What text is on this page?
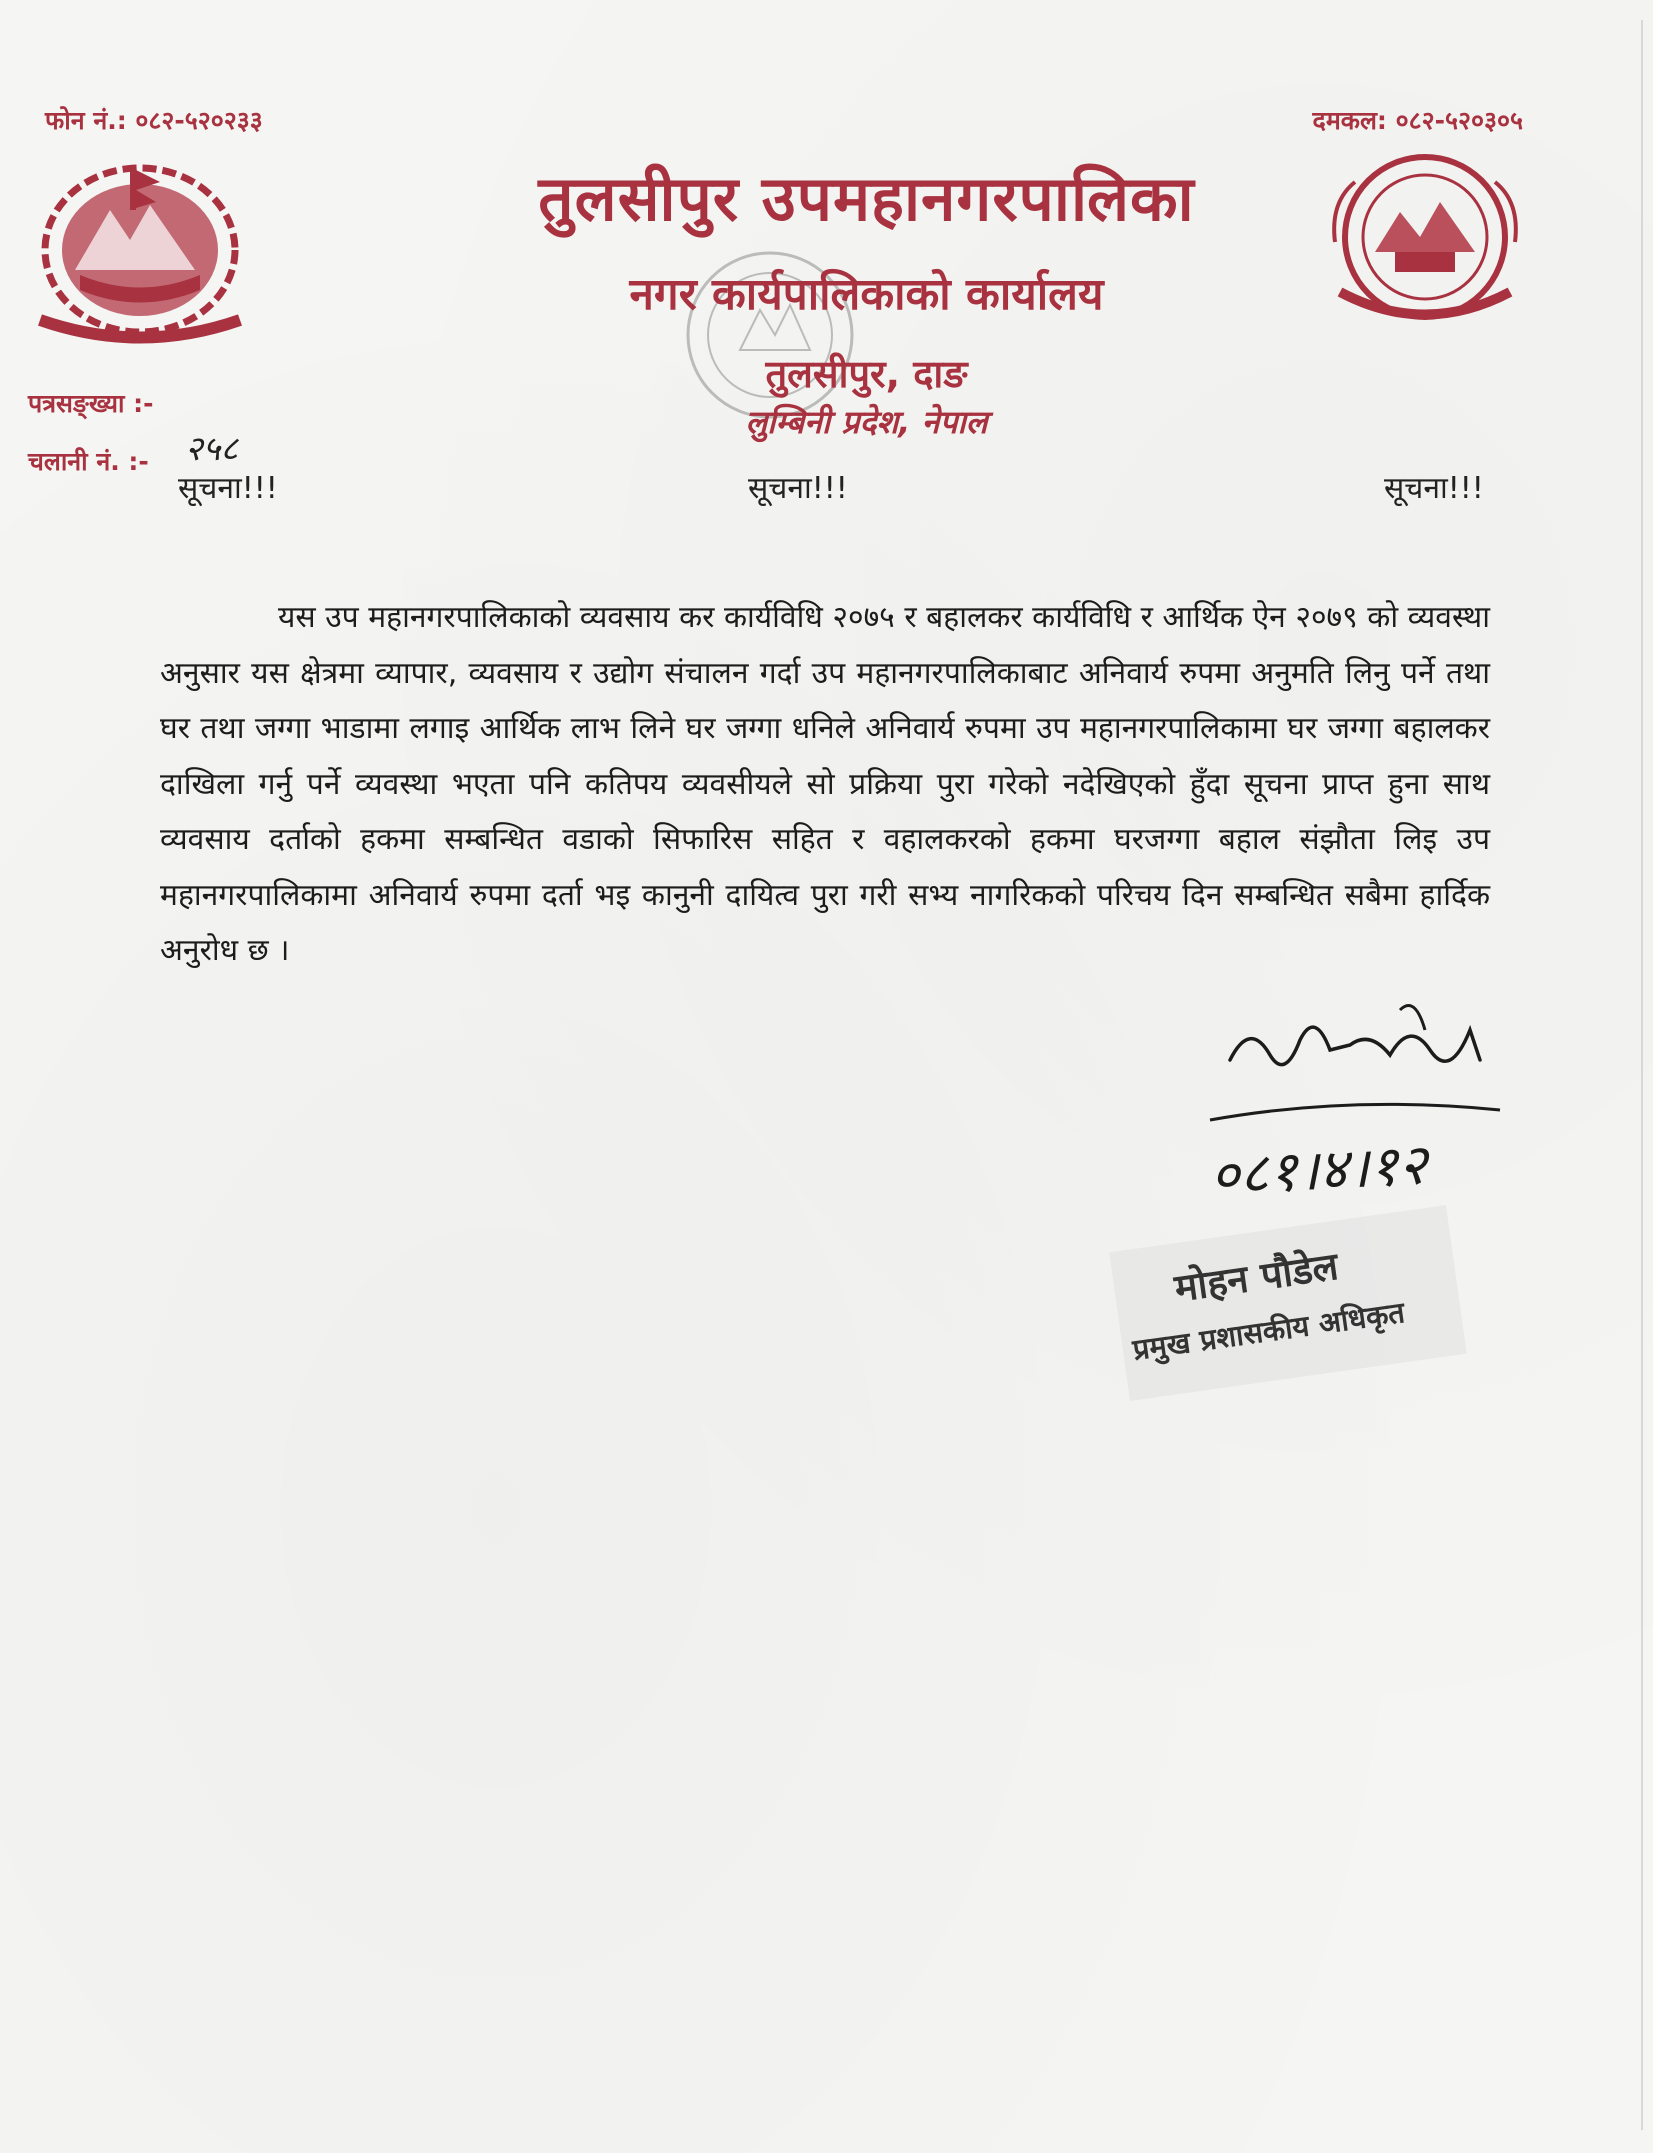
फोन नं.: ०८२-५२०२३३	दमकल: ०८२-५२०३०५
तुलसीपुर उपमहानगरपालिका
नगर कार्यपालिकाको कार्यालय
तुलसीपुर, दाङ
लुम्बिनी प्रदेश, नेपाल
पत्रसङ्ख्या :-
चलानी नं. :- २५८
सूचना!!!	सूचना!!!	सूचना!!!

यस उप महानगरपालिकाको व्यवसाय कर कार्यविधि २०७५ र बहालकर कार्यविधि र आर्थिक ऐन २०७९ को व्यवस्था अनुसार यस क्षेत्रमा व्यापार, व्यवसाय र उद्योग संचालन गर्दा उप महानगरपालिकाबाट अनिवार्य रुपमा अनुमति लिनु पर्ने तथा घर तथा जग्गा भाडामा लगाइ आर्थिक लाभ लिने घर जग्गा धनिले अनिवार्य रुपमा उप महानगरपालिकामा घर जग्गा बहालकर दाखिला गर्नु पर्ने व्यवस्था भएता पनि कतिपय व्यवसीयले सो प्रक्रिया पुरा गरेको नदेखिएको हुँदा सूचना प्राप्त हुना साथ व्यवसाय दर्ताको हकमा सम्बन्धित वडाको सिफारिस सहित र वहालकरको हकमा घरजग्गा बहाल संझौता लिइ उप महानगरपालिकामा अनिवार्य रुपमा दर्ता भइ कानुनी दायित्व पुरा गरी सभ्य नागरिकको परिचय दिन सम्बन्धित सबैमा हार्दिक अनुरोध छ ।

०८१।४।१२
मोहन पौडेल
प्रमुख प्रशासकीय अधिकृत
